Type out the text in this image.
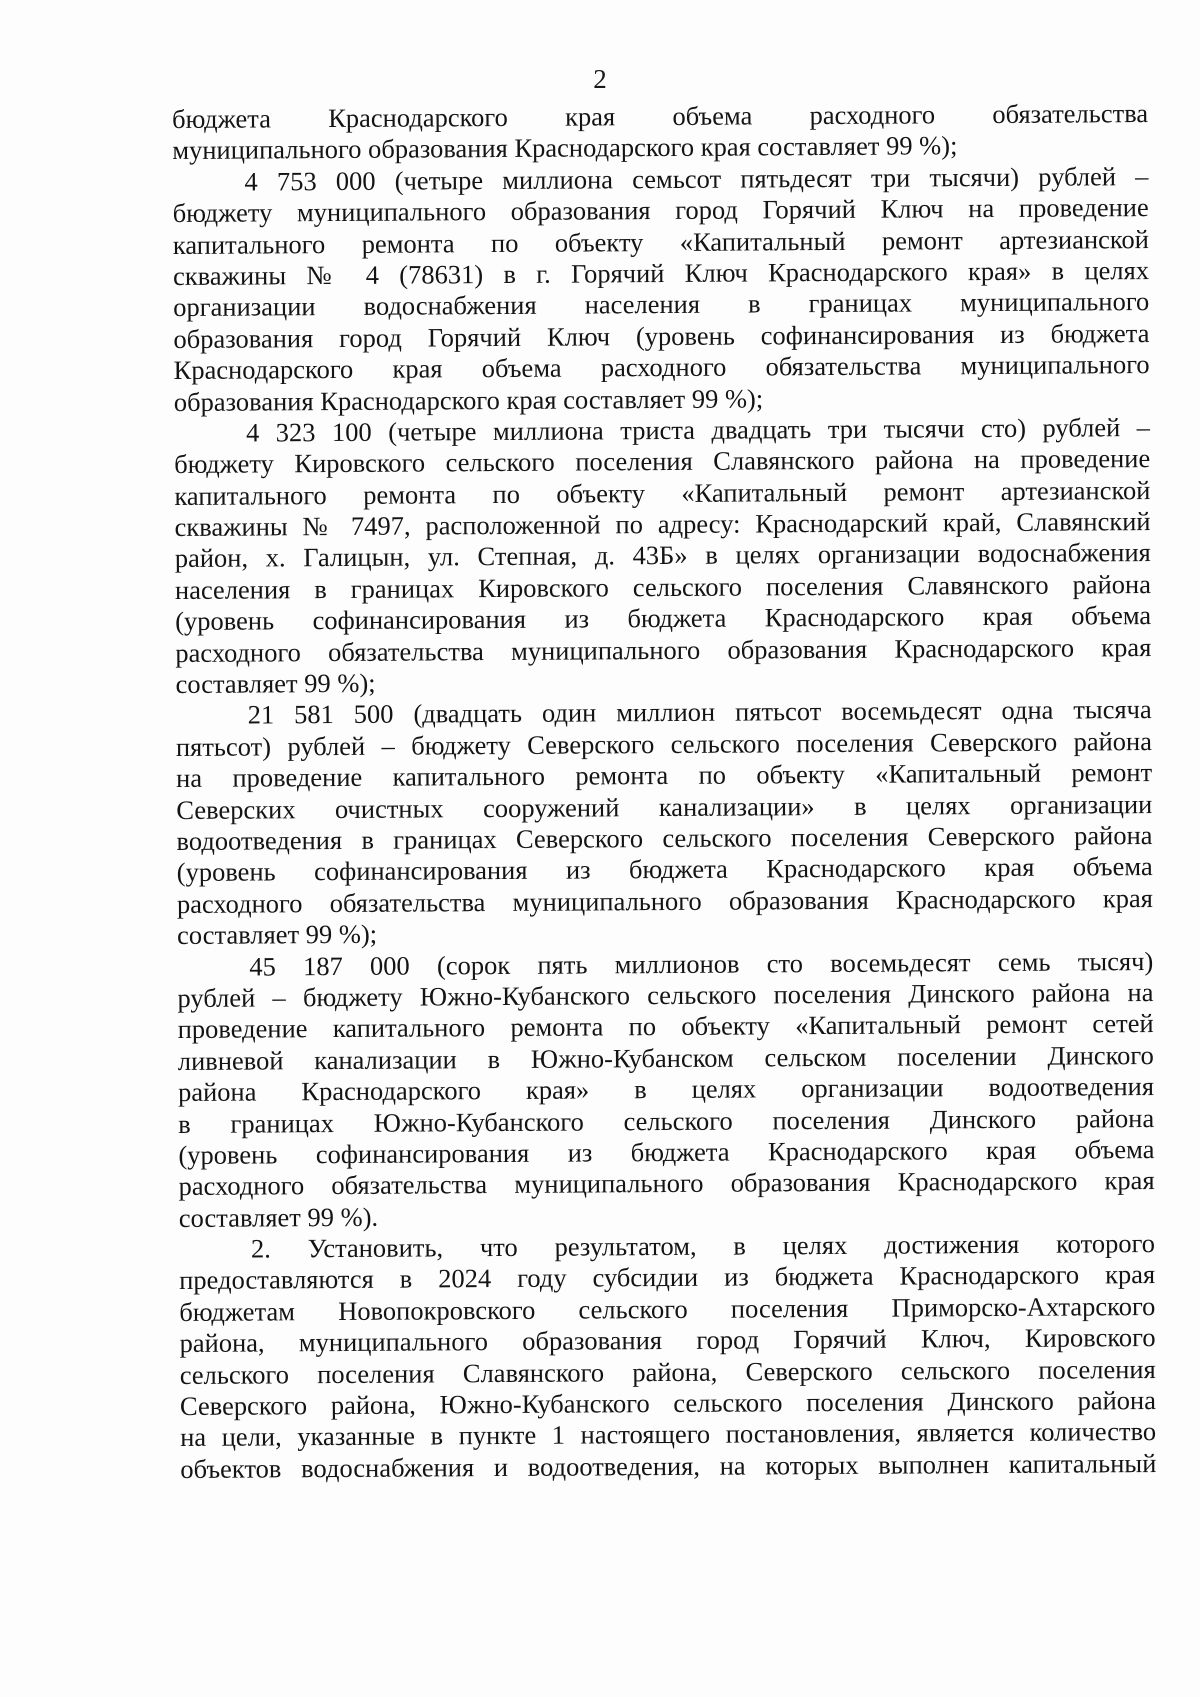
2
бюджета Краснодарского края объема расходного обязательства
муниципального образования Краснодарского края составляет 99 %);
4 753 000 (четыре миллиона семьсот пятьдесят три тысячи) рублей –
бюджету муниципального образования город Горячий Ключ на проведение
капитального ремонта по объекту «Капитальный ремонт артезианской
скважины № 4 (78631) в г. Горячий Ключ Краснодарского края» в целях
организации водоснабжения населения в границах муниципального
образования город Горячий Ключ (уровень софинансирования из бюджета
Краснодарского края объема расходного обязательства муниципального
образования Краснодарского края составляет 99 %);
4 323 100 (четыре миллиона триста двадцать три тысячи сто) рублей –
бюджету Кировского сельского поселения Славянского района на проведение
капитального ремонта по объекту «Капитальный ремонт артезианской
скважины № 7497, расположенной по адресу: Краснодарский край, Славянский
район, х. Галицын, ул. Степная, д. 43Б» в целях организации водоснабжения
населения в границах Кировского сельского поселения Славянского района
(уровень софинансирования из бюджета Краснодарского края объема
расходного обязательства муниципального образования Краснодарского края
составляет 99 %);
21 581 500 (двадцать один миллион пятьсот восемьдесят одна тысяча
пятьсот) рублей – бюджету Северского сельского поселения Северского района
на проведение капитального ремонта по объекту «Капитальный ремонт
Северских очистных сооружений канализации» в целях организации
водоотведения в границах Северского сельского поселения Северского района
(уровень софинансирования из бюджета Краснодарского края объема
расходного обязательства муниципального образования Краснодарского края
составляет 99 %);
45 187 000 (сорок пять миллионов сто восемьдесят семь тысяч)
рублей – бюджету Южно-Кубанского сельского поселения Динского района на
проведение капитального ремонта по объекту «Капитальный ремонт сетей
ливневой канализации в Южно-Кубанском сельском поселении Динского
района Краснодарского края» в целях организации водоотведения
в границах Южно-Кубанского сельского поселения Динского района
(уровень софинансирования из бюджета Краснодарского края объема
расходного обязательства муниципального образования Краснодарского края
составляет 99 %).
2. Установить, что результатом, в целях достижения которого
предоставляются в 2024 году субсидии из бюджета Краснодарского края
бюджетам Новопокровского сельского поселения Приморско-Ахтарского
района, муниципального образования город Горячий Ключ, Кировского
сельского поселения Славянского района, Северского сельского поселения
Северского района, Южно-Кубанского сельского поселения Динского района
на цели, указанные в пункте 1 настоящего постановления, является количество
объектов водоснабжения и водоотведения, на которых выполнен капитальный
